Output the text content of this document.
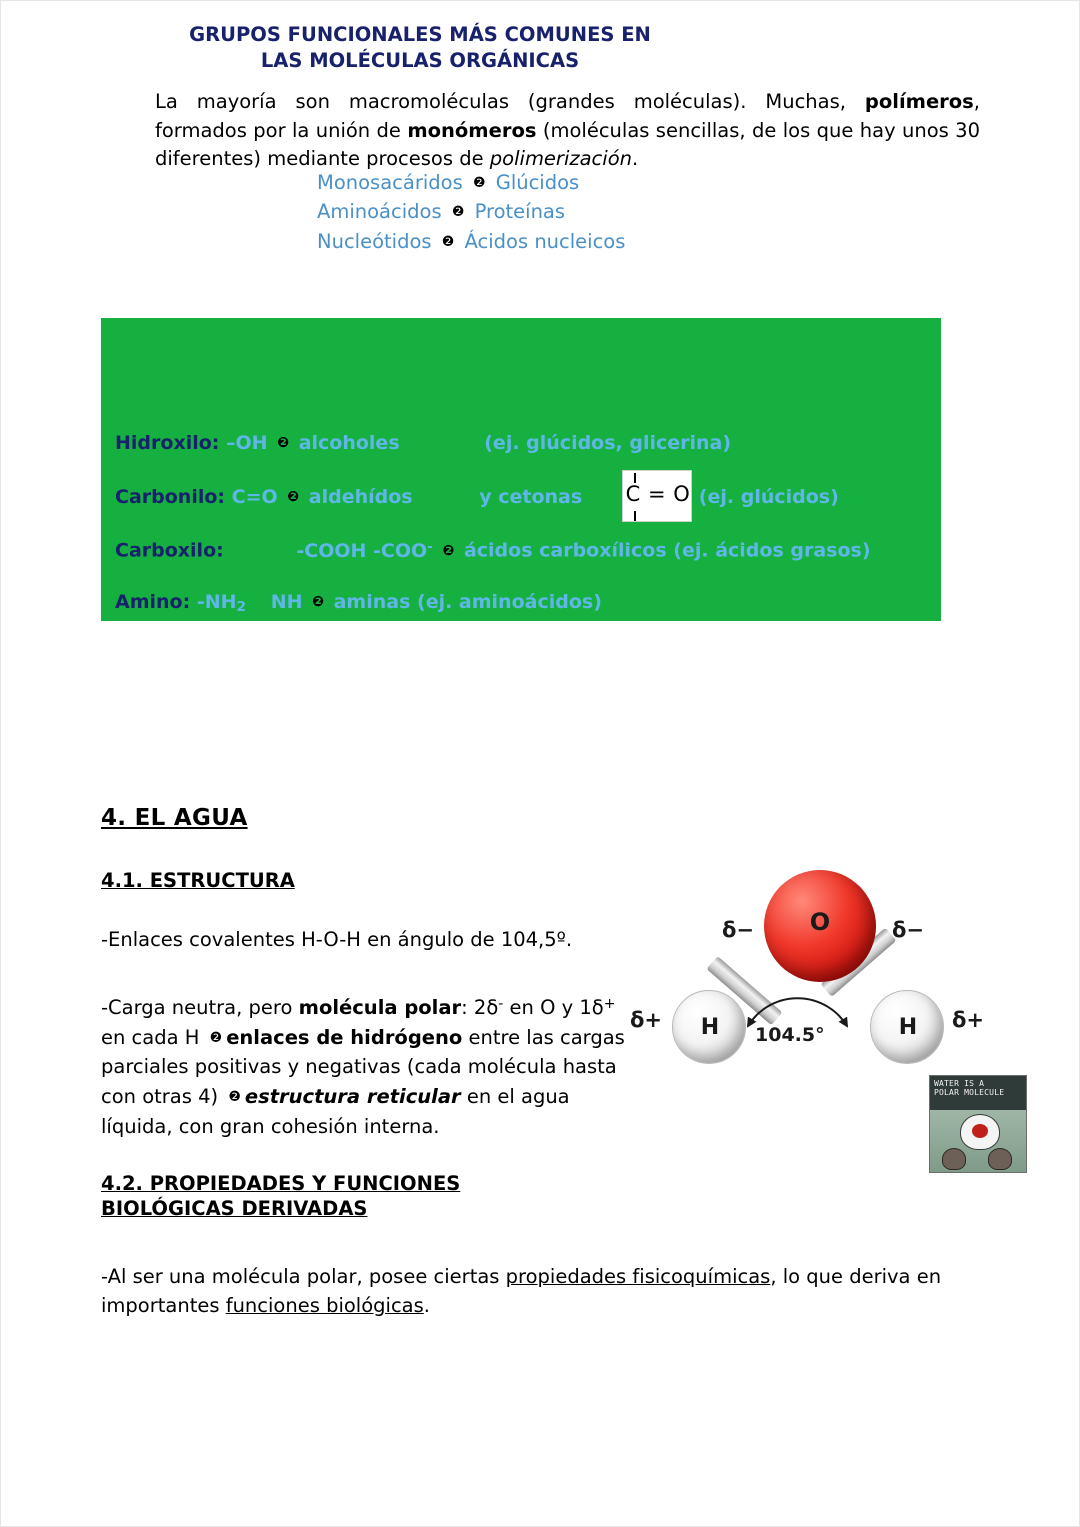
La mayoría son macromoléculas (grandes moléculas). Muchas, polímeros, formados por la unión de monómeros (moléculas sencillas, de los que hay unos 30 diferentes) mediante procesos de polimerización.
Monosacáridos ❷ Glúcidos
Aminoácidos ❷ Proteínas
Nucleótidos ❷ Ácidos nucleicos
GRUPOS FUNCIONALES MÁS COMUNES EN
LAS MOLÉCULAS ORGÁNICAS
Hidroxilo: –OH ❷ alcoholes	(ej. glúcidos, glicerina)
Carbonilo: C=O ❷ aldehídos	y cetonas	(ej. glúcidos)
C = O
Carboxilo:	-COOH -COO- ❷ ácidos carboxílicos (ej. ácidos grasos)
Amino: $-NH_2$ NH ❷ aminas (ej. aminoácidos)
4. EL AGUA
4.1. ESTRUCTURA
-Enlaces covalentes H-O-H en ángulo de 104,5º.
-Carga neutra, pero molécula polar: 2δ- en O y 1δ+ en cada H ❷ enlaces de hidrógeno entre las cargas parciales positivas y negativas (cada molécula hasta con otras 4) ❷ estructura reticular en el agua líquida, con gran cohesión interna.
4.2. PROPIEDADES Y FUNCIONES
BIOLÓGICAS DERIVADAS
-Al ser una molécula polar, posee ciertas propiedades fisicoquímicas, lo que deriva en importantes funciones biológicas.
O
H	H
δ−	δ−
δ+	δ+
104.5°
WATER IS A
POLAR MOLECULE
